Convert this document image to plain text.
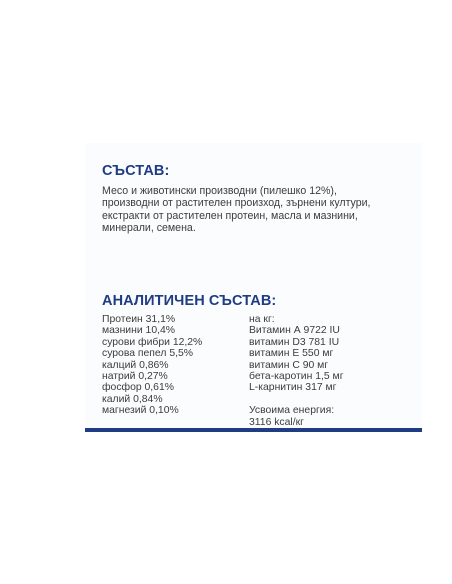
СЪСТАВ:

Месо и животински производни (пилешко 12%),
производни от растителен произход, зърнени култури,
екстракти от растителен протеин, масла и мазнини,
минерали, семена.

АНАЛИТИЧЕН СЪСТАВ:
Протеин 31,1%
мазнини 10,4%
сурови фибри 12,2%
сурова пепел 5,5%
калций 0,86%
натрий 0,27%
фосфор 0,61%
калий 0,84%
магнезий 0,10%
на кг:
Витамин А 9722 IU
витамин D3 781 IU
витамин E 550 мг
витамин C 90 мг
бета-каротин 1,5 мг
L-карнитин 317 мг
Усвоима енергия:
3116 kcal/кг
